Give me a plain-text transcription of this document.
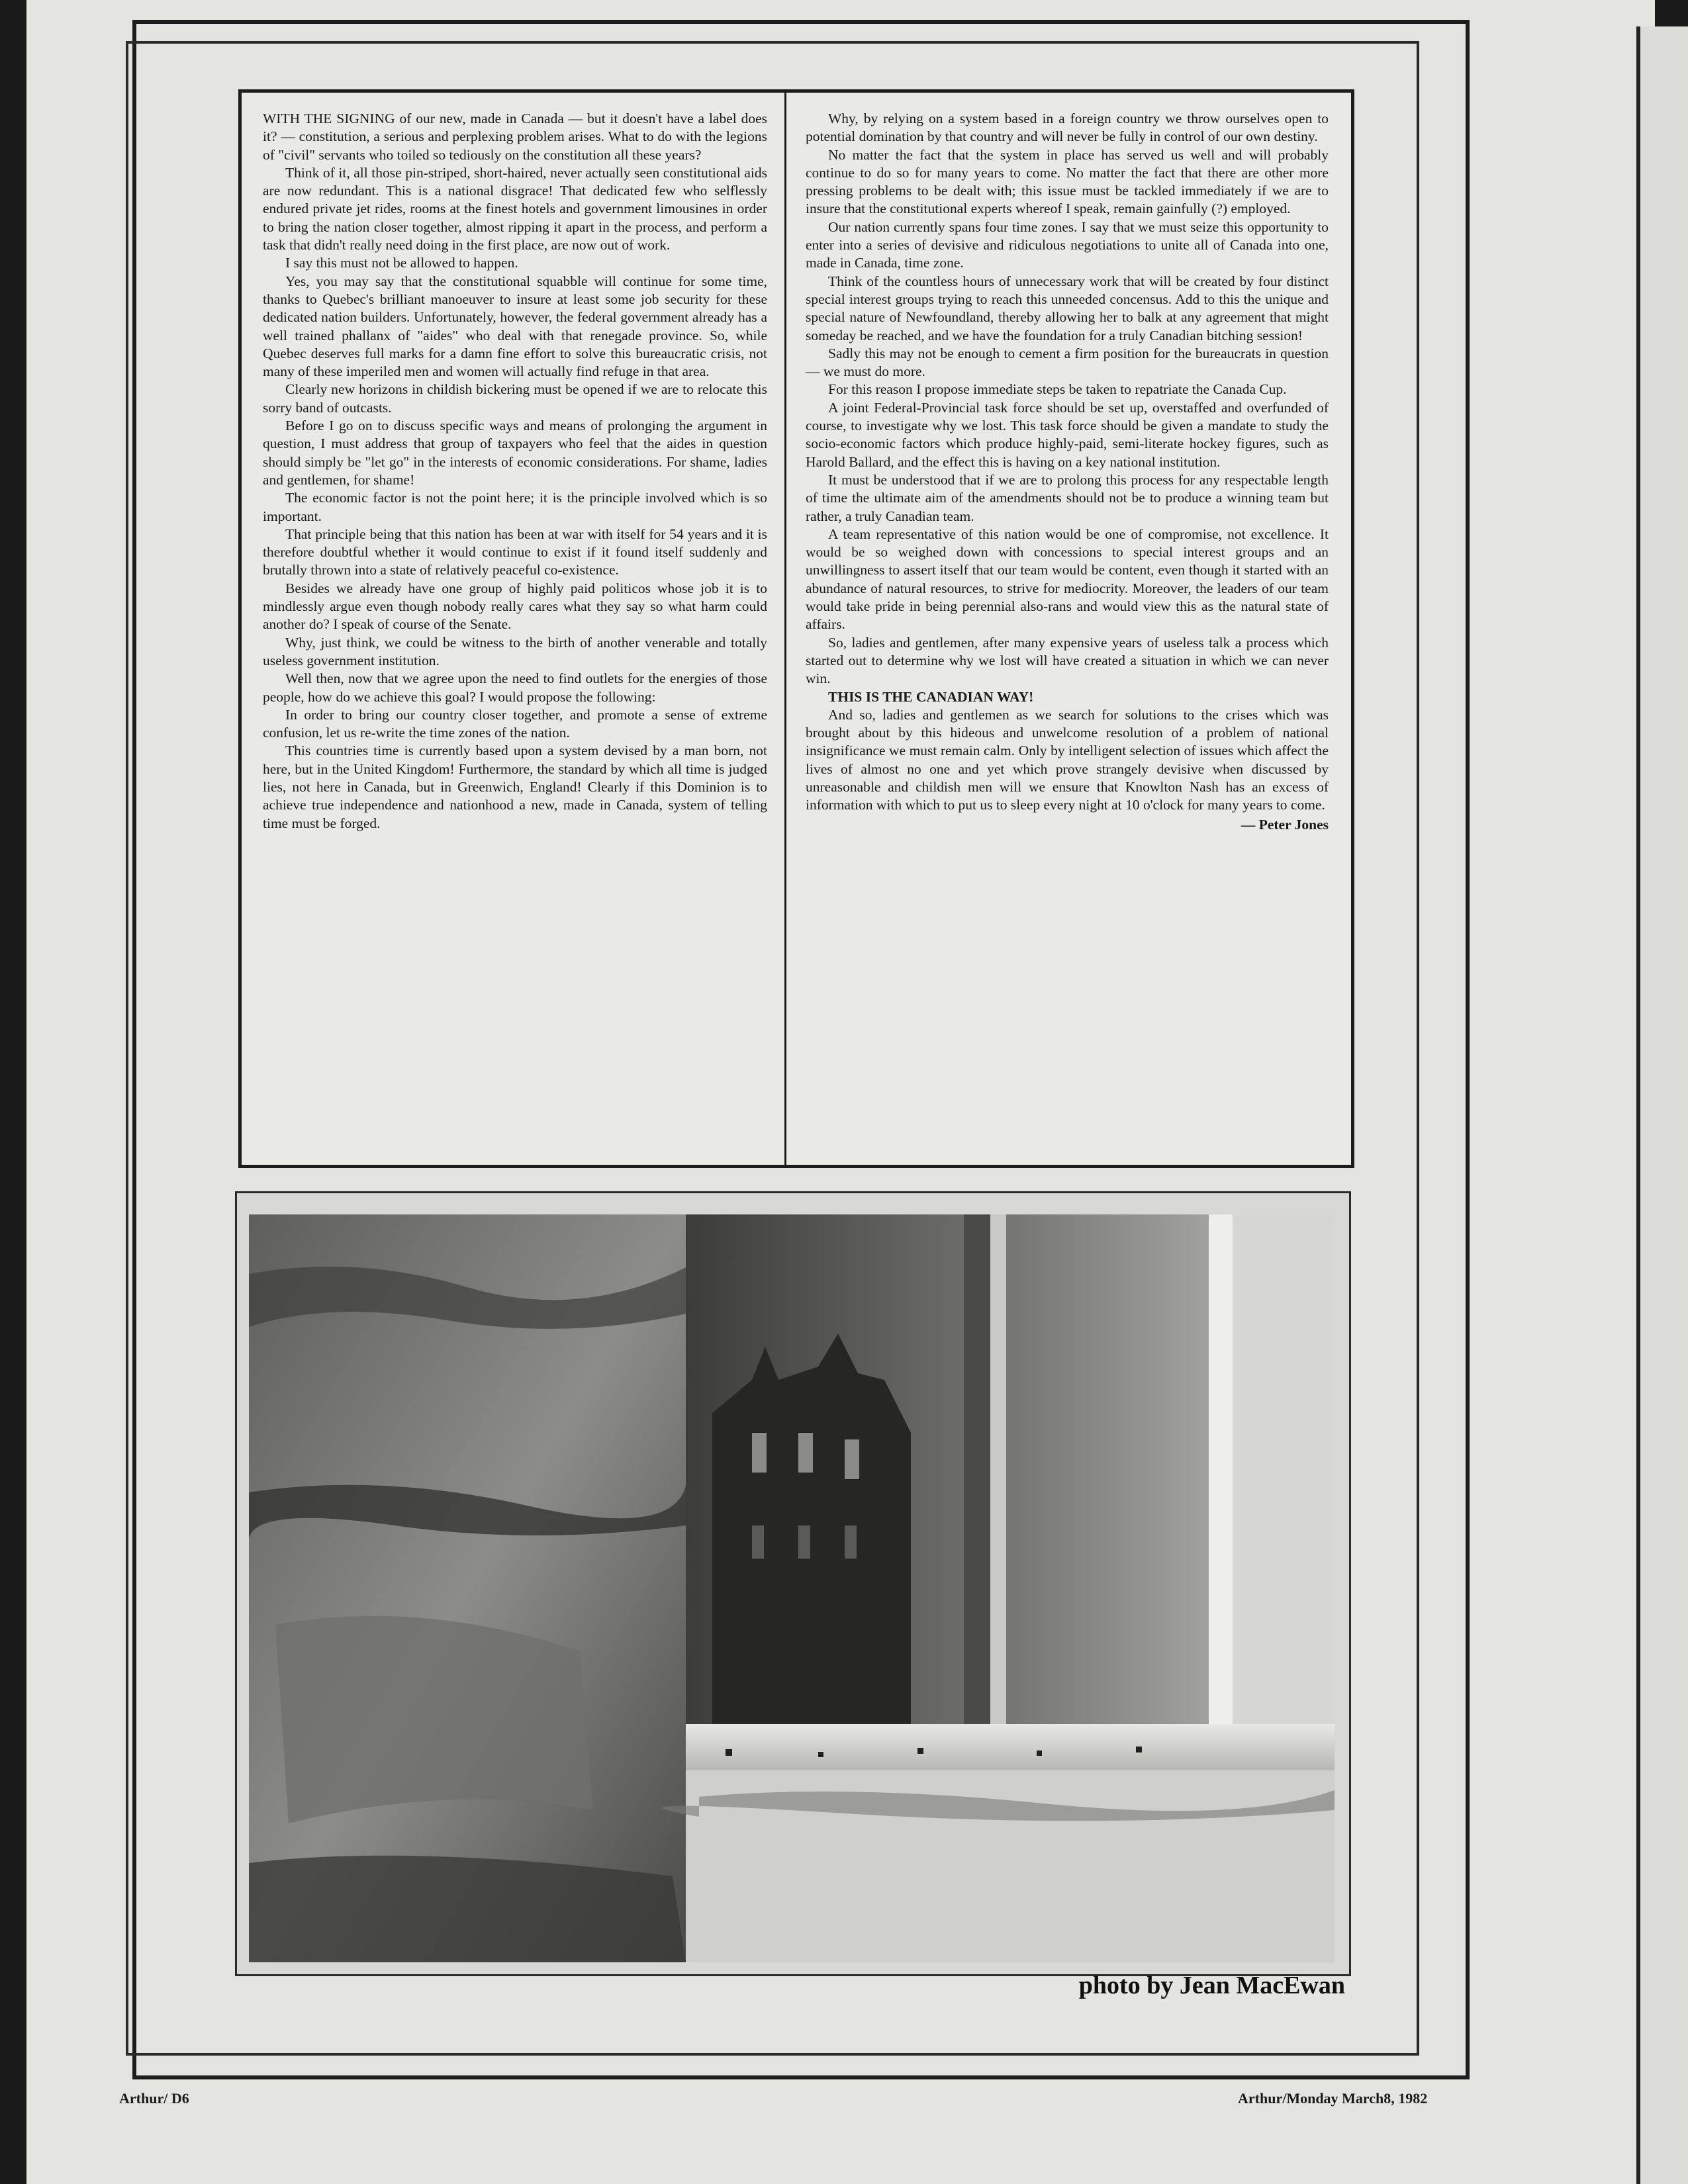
WITH THE SIGNING of our new, made in Canada — but it doesn't have a label does it? — constitution, a serious and perplexing problem arises. What to do with the legions of "civil" servants who toiled so tediously on the constitution all these years?

Think of it, all those pin-striped, short-haired, never actually seen constitutional aids are now redundant. This is a national disgrace! That dedicated few who selflessly endured private jet rides, rooms at the finest hotels and government limousines in order to bring the nation closer together, almost ripping it apart in the process, and perform a task that didn't really need doing in the first place, are now out of work.

I say this must not be allowed to happen.

Yes, you may say that the constitutional squabble will continue for some time, thanks to Quebec's brilliant manoeuver to insure at least some job security for these dedicated nation builders. Unfortunately, however, the federal government already has a well trained phallanx of "aides" who deal with that renegade province. So, while Quebec deserves full marks for a damn fine effort to solve this bureaucratic crisis, not many of these imperiled men and women will actually find refuge in that area.

Clearly new horizons in childish bickering must be opened if we are to relocate this sorry band of outcasts.

Before I go on to discuss specific ways and means of prolonging the argument in question, I must address that group of taxpayers who feel that the aides in question should simply be "let go" in the interests of economic considerations. For shame, ladies and gentlemen, for shame!

The economic factor is not the point here; it is the principle involved which is so important.

That principle being that this nation has been at war with itself for 54 years and it is therefore doubtful whether it would continue to exist if it found itself suddenly and brutally thrown into a state of relatively peaceful co-existence.

Besides we already have one group of highly paid politicos whose job it is to mindlessly argue even though nobody really cares what they say so what harm could another do? I speak of course of the Senate.

Why, just think, we could be witness to the birth of another venerable and totally useless government institution.

Well then, now that we agree upon the need to find outlets for the energies of those people, how do we achieve this goal? I would propose the following:

In order to bring our country closer together, and promote a sense of extreme confusion, let us re-write the time zones of the nation.

This countries time is currently based upon a system devised by a man born, not here, but in the United Kingdom! Furthermore, the standard by which all time is judged lies, not here in Canada, but in Greenwich, England! Clearly if this Dominion is to achieve true independence and nationhood a new, made in Canada, system of telling time must be forged.

Why, by relying on a system based in a foreign country we throw ourselves open to potential domination by that country and will never be fully in control of our own destiny.

No matter the fact that the system in place has served us well and will probably continue to do so for many years to come. No matter the fact that there are other more pressing problems to be dealt with; this issue must be tackled immediately if we are to insure that the constitutional experts whereof I speak, remain gainfully (?) employed.

Our nation currently spans four time zones. I say that we must seize this opportunity to enter into a series of devisive and ridiculous negotiations to unite all of Canada into one, made in Canada, time zone.

Think of the countless hours of unnecessary work that will be created by four distinct special interest groups trying to reach this unneeded concensus. Add to this the unique and special nature of Newfoundland, thereby allowing her to balk at any agreement that might someday be reached, and we have the foundation for a truly Canadian bitching session!

Sadly this may not be enough to cement a firm position for the bureaucrats in question — we must do more.

For this reason I propose immediate steps be taken to repatriate the Canada Cup.

A joint Federal-Provincial task force should be set up, overstaffed and overfunded of course, to investigate why we lost. This task force should be given a mandate to study the socio-economic factors which produce highly-paid, semi-literate hockey figures, such as Harold Ballard, and the effect this is having on a key national institution.

It must be understood that if we are to prolong this process for any respectable length of time the ultimate aim of the amendments should not be to produce a winning team but rather, a truly Canadian team.

A team representative of this nation would be one of compromise, not excellence. It would be so weighed down with concessions to special interest groups and an unwillingness to assert itself that our team would be content, even though it started with an abundance of natural resources, to strive for mediocrity. Moreover, the leaders of our team would take pride in being perennial also-rans and would view this as the natural state of affairs.

So, ladies and gentlemen, after many expensive years of useless talk a process which started out to determine why we lost will have created a situation in which we can never win.

THIS IS THE CANADIAN WAY!

And so, ladies and gentlemen as we search for solutions to the crises which was brought about by this hideous and unwelcome resolution of a problem of national insignificance we must remain calm. Only by intelligent selection of issues which affect the lives of almost no one and yet which prove strangely devisive when discussed by unreasonable and childish men will we ensure that Knowlton Nash has an excess of information with which to put us to sleep every night at 10 o'clock for many years to come.

— Peter Jones
photo by Jean MacEwan
Arthur/ D6	Arthur/Monday March8, 1982
